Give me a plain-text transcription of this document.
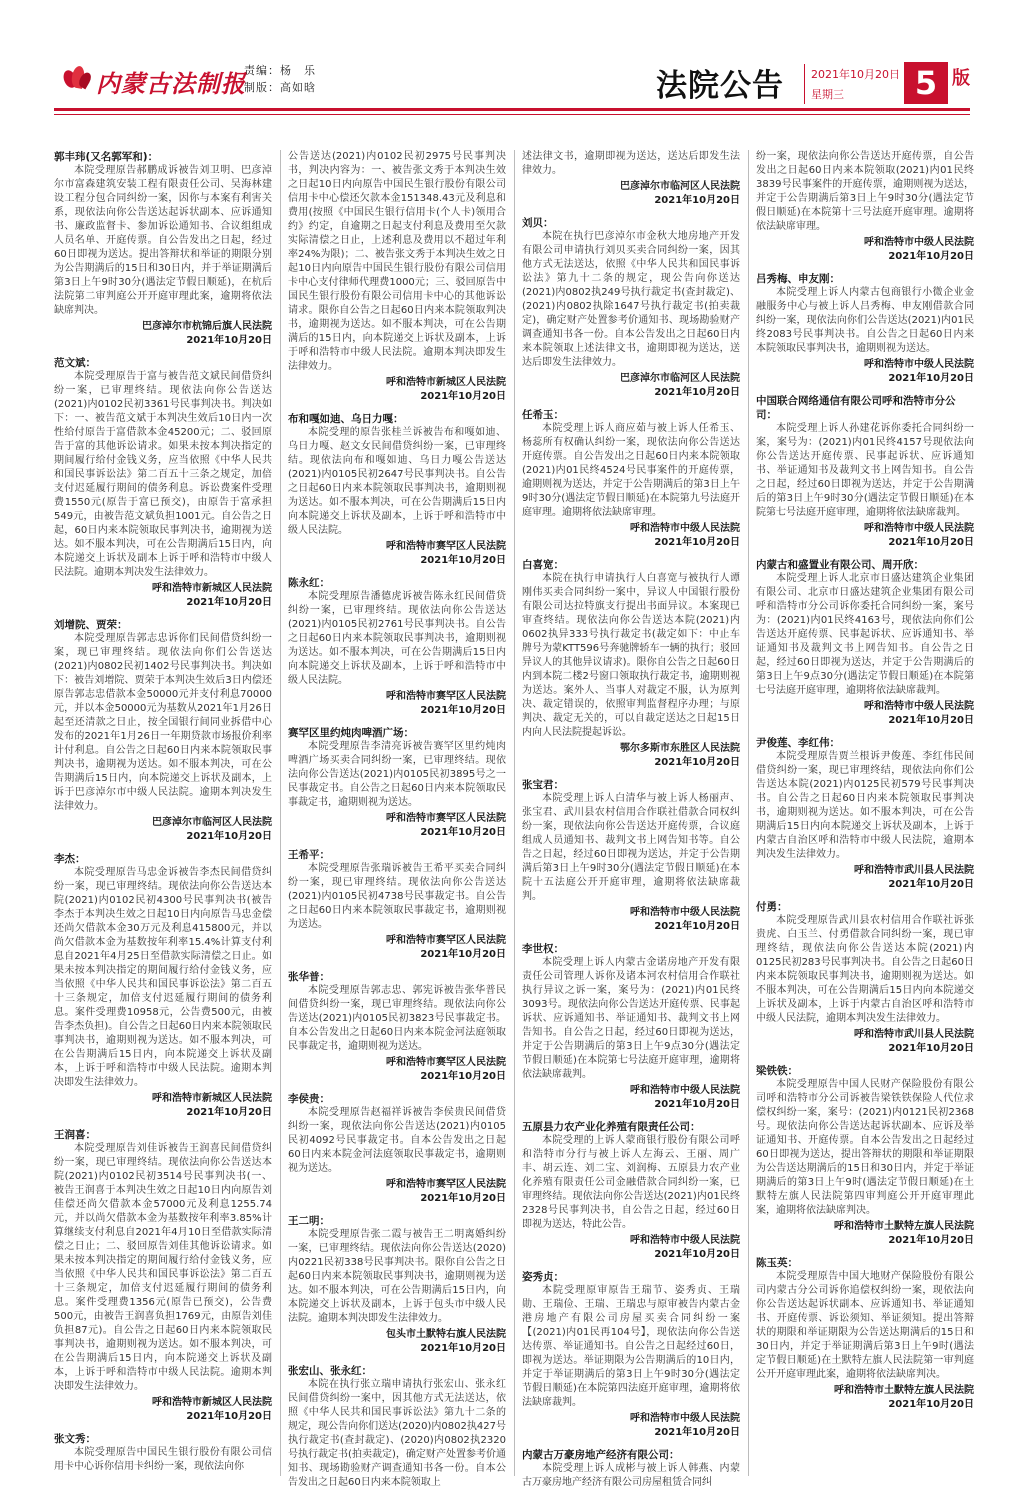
内蒙古法制报
责编：杨　乐
制版：高如晗	法院公告 2021年10月20日
星期三	5 版
郭丰玮(又名郭军和)：
本院受理原告郝鹏成诉被告刘卫明、巴彦淖尔市富森建筑安装工程有限责任公司、吴海林建设工程分包合同纠纷一案，因你与本案有利害关系，现依法向你公告送达起诉状副本、应诉通知书、廉政监督卡、参加诉讼通知书、合议组组成人员名单、开庭传票。自公告发出之日起，经过60日即视为送达。提出答辩状和举证的期限分别为公告期满后的15日和30日内，并于举证期满后第3日上午9时30分(遇法定节假日顺延)，在杭后法院第二审判庭公开开庭审理此案，逾期将依法缺席判决。
巴彦淖尔市杭锦后旗人民法院
2021年10月20日
范文斌：
本院受理原告于富与被告范文斌民间借贷纠纷一案，已审理终结。现依法向你公告送达(2021)内0102民初3361号民事判决书。判决如下：一、被告范文斌于本判决生效后10日内一次性给付原告于富借款本金45200元；二、驳回原告于富的其他诉讼请求。如果未按本判决指定的期间履行给付金钱义务，应当依照《中华人民共和国民事诉讼法》第二百五十三条之规定，加倍支付迟延履行期间的债务利息。诉讼费案件受理费1550元(原告于富已预交)，由原告于富承担549元，由被告范文斌负担1001元。自公告之日起，60日内来本院领取民事判决书，逾期视为送达。如不服本判决，可在公告期满后15日内，向本院递交上诉状及副本上诉于呼和浩特市中级人民法院。逾期本判决发生法律效力。
呼和浩特市新城区人民法院
2021年10月20日
刘增院、贾荣：
本院受理原告郭志忠诉你们民间借贷纠纷一案，现已审理终结。现依法向你们公告送达(2021)内0802民初1402号民事判决书。判决如下：被告刘增院、贾荣于本判决生效后3日内偿还原告郭志忠借款本金50000元并支付利息70000元，并以本金50000元为基数从2021年1月26日起至还清款之日止，按全国银行间同业拆借中心发布的2021年1月26日一年期贷款市场报价利率计付利息。自公告之日起60日内来本院领取民事判决书，逾期视为送达。如不服本判决，可在公告期满后15日内，向本院递交上诉状及副本，上诉于巴彦淖尔市中级人民法院。逾期本判决发生法律效力。
巴彦淖尔市临河区人民法院
2021年10月20日
李杰：
本院受理原告马忠金诉被告李杰民间借贷纠纷一案，现已审理终结。现依法向你公告送达本院(2021)内0102民初4300号民事判决书(被告李杰于本判决生效之日起10日内向原告马忠金偿还尚欠借款本金30万元及利息415800元，并以尚欠借款本金为基数按年利率15.4%计算支付利息自2021年4月25日至借款实际清偿之日止。如果未按本判决指定的期间履行给付金钱义务，应当依照《中华人民共和国民事诉讼法》第二百五十三条规定，加倍支付迟延履行期间的债务利息。案件受理费10958元，公告费500元，由被告李杰负担)。自公告之日起60日内来本院领取民事判决书，逾期则视为送达。如不服本判决，可在公告期满后15日内，向本院递交上诉状及副本，上诉于呼和浩特市中级人民法院。逾期本判决即发生法律效力。
呼和浩特市新城区人民法院
2021年10月20日
王润喜：
本院受理原告刘佳诉被告王润喜民间借贷纠纷一案，现已审理终结。现依法向你公告送达本院(2021)内0102民初3514号民事判决书(一、被告王润喜于本判决生效之日起10日内向原告刘佳偿还尚欠借款本金57000元及利息1255.74元，并以尚欠借款本金为基数按年利率3.85%计算继续支付利息自2021年4月10日至借款实际清偿之日止；二、驳回原告刘佳其他诉讼请求。如果未按本判决指定的期间履行给付金钱义务，应当依照《中华人民共和国民事诉讼法》第二百五十三条规定，加倍支付迟延履行期间的债务利息。案件受理费1356元(原告已预交)，公告费500元，由被告王润喜负担1769元，由原告刘佳负担87元)。自公告之日起60日内来本院领取民事判决书，逾期则视为送达。如不服本判决，可在公告期满后15日内，向本院递交上诉状及副本，上诉于呼和浩特市中级人民法院。逾期本判决即发生法律效力。
呼和浩特市新城区人民法院
2021年10月20日
张文秀：
本院受理原告中国民生银行股份有限公司信用卡中心诉你信用卡纠纷一案，现依法向你
公告送达(2021)内0102民初2975号民事判决书，判决内容为：一、被告张文秀于本判决生效之日起10日内向原告中国民生银行股份有限公司信用卡中心偿还欠款本金151348.43元及利息和费用(按照《中国民生银行信用卡(个人卡)领用合约》约定，自逾期之日起支付利息及费用至欠款实际清偿之日止，上述利息及费用以不超过年利率24%为限)；二、被告张文秀于本判决生效之日起10日内向原告中国民生银行股份有限公司信用卡中心支付律师代理费1000元；三、驳回原告中国民生银行股份有限公司信用卡中心的其他诉讼请求。限你自公告之日起60日内来本院领取判决书，逾期视为送达。如不服本判决，可在公告期满后的15日内，向本院递交上诉状及副本，上诉于呼和浩特市中级人民法院。逾期本判决即发生法律效力。
呼和浩特市新城区人民法院
2021年10月20日
布和嘎如迪、乌日力嘎：
本院受理的原告张桂兰诉被告布和嘎如迪、乌日力嘎、赵文女民间借贷纠纷一案，已审理终结。现依法向布和嘎如迪、乌日力嘎公告送达(2021)内0105民初2647号民事判决书。自公告之日起60日内来本院领取民事判决书，逾期则视为送达。如不服本判决，可在公告期满后15日内向本院递交上诉状及副本，上诉于呼和浩特市中级人民法院。
呼和浩特市赛罕区人民法院
2021年10月20日
陈永红：
本院受理原告潘德虎诉被告陈永红民间借贷纠纷一案，已审理终结。现依法向你公告送达(2021)内0105民初2761号民事判决书。自公告之日起60日内来本院领取民事判决书，逾期则视为送达。如不服本判决，可在公告期满后15日内向本院递交上诉状及副本，上诉于呼和浩特市中级人民法院。
呼和浩特市赛罕区人民法院
2021年10月20日
赛罕区里约炖肉啤酒广场：
本院受理原告李清亮诉被告赛罕区里约炖肉啤酒广场买卖合同纠纷一案，已审理终结。现依法向你公告送达(2021)内0105民初3895号之一民事裁定书。自公告之日起60日内来本院领取民事裁定书，逾期则视为送达。
呼和浩特市赛罕区人民法院
2021年10月20日
王希平：
本院受理原告张瑞诉被告王希平买卖合同纠纷一案，现已审理终结。现依法向你公告送达(2021)内0105民初4738号民事裁定书。自公告之日起60日内来本院领取民事裁定书，逾期则视为送达。
呼和浩特市赛罕区人民法院
2021年10月20日
张华普：
本院受理原告郭志忠、郭宪诉被告张华普民间借贷纠纷一案，现已审理终结。现依法向你公告送达(2021)内0105民初3823号民事裁定书。自本公告发出之日起60日内来本院金河法庭领取民事裁定书，逾期则视为送达。
呼和浩特市赛罕区人民法院
2021年10月20日
李侯贵：
本院受理原告赵福祥诉被告李侯贵民间借贷纠纷一案，现依法向你公告送达(2021)内0105民初4092号民事裁定书。自本公告发出之日起60日内来本院金河法庭领取民事裁定书，逾期则视为送达。
呼和浩特市赛罕区人民法院
2021年10月20日
王二明：
本院受理原告张二霞与被告王二明离婚纠纷一案，已审理终结。现依法向你公告送达(2020)内0221民初338号民事判决书。限你自公告之日起60日内来本院领取民事判决书，逾期则视为送达。如不服本判决，可在公告期满后15日内，向本院递交上诉状及副本，上诉于包头市中级人民法院。逾期本判决即发生法律效力。
包头市土默特右旗人民法院
2021年10月20日
张宏山、张永红：
本院在执行张立瑞申请执行张宏山、张永红民间借贷纠纷一案中，因其他方式无法送达，依照《中华人民共和国民事诉讼法》第九十二条的规定，现公告向你们送达(2020)内0802执427号执行裁定书(查封裁定)、(2020)内0802执2320号执行裁定书(拍卖裁定)，确定财产处置参考价通知书、现场勘验财产调查通知书各一份。自本公告发出之日起60日内来本院领取上
述法律文书，逾期即视为送达，送达后即发生法律效力。
巴彦淖尔市临河区人民法院
2021年10月20日
刘贝：
本院在执行巴彦淖尔市金秋大地房地产开发有限公司申请执行刘贝买卖合同纠纷一案，因其他方式无法送达，依照《中华人民共和国民事诉讼法》第九十二条的规定，现公告向你送达(2021)内0802执249号执行裁定书(查封裁定)、(2021)内0802执除1647号执行裁定书(拍卖裁定)，确定财产处置参考价通知书、现场勘验财产调查通知书各一份。自本公告发出之日起60日内来本院领取上述法律文书，逾期即视为送达，送达后即发生法律效力。
巴彦淖尔市临河区人民法院
2021年10月20日
任希玉：
本院受理上诉人商应茹与被上诉人任希玉、杨蕊所有权确认纠纷一案，现依法向你公告送达开庭传票。自公告发出之日起60日内来本院领取(2021)内01民终4524号民事案件的开庭传票，逾期则视为送达，并定于公告期满后的第3日上午9时30分(遇法定节假日顺延)在本院第九号法庭开庭审理。逾期将依法缺席审理。
呼和浩特市中级人民法院
2021年10月20日
白喜宽：
本院在执行申请执行人白喜宽与被执行人谭刚伟买卖合同纠纷一案中，异议人中国银行股份有限公司达拉特旗支行提出书面异议。本案现已审查终结。现依法向你公告送达本院(2021)内0602执异333号执行裁定书(裁定如下：中止车牌号为蒙KTT596号奔驰牌轿车一辆的执行；驳回异议人的其他异议请求)。限你自公告之日起60日内到本院二楼2号窗口领取执行裁定书，逾期则视为送达。案外人、当事人对裁定不服，认为原判决、裁定错误的，依照审判监督程序办理；与原判决、裁定无关的，可以自裁定送达之日起15日内向人民法院提起诉讼。
鄂尔多斯市东胜区人民法院
2021年10月20日
张宝君：
本院受理上诉人白清华与被上诉人杨丽声、张宝君、武川县农村信用合作联社借款合同权纠纷一案，现依法向你公告送达开庭传票，合议庭组成人员通知书、裁判文书上网告知书等。自公告之日起，经过60日即视为送达，并定于公告期满后第3日上午9时30分(遇法定节假日顺延)在本院十五法庭公开开庭审理，逾期将依法缺席裁判。
呼和浩特市中级人民法院
2021年10月20日
李世权：
本院受理上诉人内蒙古金诺房地产开发有限责任公司管理人诉你及诸本河农村信用合作联社执行异议之诉一案，案号为：(2021)内01民终3093号。现依法向你公告送达开庭传票、民事起诉状、应诉通知书、举证通知书、裁判文书上网告知书。自公告之日起，经过60日即视为送达，并定于公告期满后的第3日上午9点30分(遇法定节假日顺延)在本院第七号法庭开庭审理，逾期将依法缺席裁判。
呼和浩特市中级人民法院
2021年10月20日
五原县力农产业化养殖有限责任公司：
本院受理的上诉人蒙商银行股份有限公司呼和浩特市分行与被上诉人左海云、王丽、周广丰、胡云连、刘二宝、刘润梅、五原县力农产业化养殖有限责任公司金融借款合同纠纷一案，已审理终结。现依法向你公告送达(2021)内01民终2328号民事判决书，自公告之日起，经过60日即视为送达，特此公告。
呼和浩特市中级人民法院
2021年10月20日
姿秀贞：
本院受理原审原告王瑞节、姿秀贞、王瑞勋、王瑞俭、王瑞、王瑞忠与原审被告内蒙古金港房地产有限公司房屋买卖合同纠纷一案【(2021)内01民再104号】，现依法向你公告送达传票、举证通知书。自公告之日起经过60日，即视为送达。举证期限为公告期满后的10日内，并定于举证期满后的第3日上午9时30分(遇法定节假日顺延)在本院第四法庭开庭审理，逾期将依法缺席裁判。
呼和浩特市中级人民法院
2021年10月20日
内蒙古万豪房地产经济有限公司：
本院受理上诉人成彬与被上诉人韩燕、内蒙古万豪房地产经济有限公司房屋租赁合同纠
纷一案，现依法向你公告送达开庭传票，自公告发出之日起60日内来本院领取(2021)内01民终3839号民事案件的开庭传票，逾期则视为送达，并定于公告期满后第3日上午9时30分(遇法定节假日顺延)在本院第十三号法庭开庭审理。逾期将依法缺席审理。
呼和浩特市中级人民法院
2021年10月20日
吕秀梅、申友刚：
本院受理上诉人内蒙古包商银行小微企业金融服务中心与被上诉人吕秀梅、申友刚借款合同纠纷一案，现依法向你们公告送达(2021)内01民终2083号民事判决书。自公告之日起60日内来本院领取民事判决书，逾期则视为送达。
呼和浩特市中级人民法院
2021年10月20日
中国联合网络通信有限公司呼和浩特市分公司：
本院受理上诉人孙建花诉你委托合同纠纷一案，案号为：(2021)内01民终4157号现依法向你公告送达开庭传票、民事起诉状、应诉通知书、举证通知书及裁判文书上网告知书。自公告之日起，经过60日即视为送达，并定于公告期满后的第3日上午9时30分(遇法定节假日顺延)在本院第七号法庭开庭审理，逾期将依法缺席裁判。
呼和浩特市中级人民法院
2021年10月20日
内蒙古和盛置业有限公司、周开欣：
本院受理上诉人北京市日盛达建筑企业集团有限公司、北京市日盛达建筑企业集团有限公司呼和浩特市分公司诉你委托合同纠纷一案，案号为：(2021)内01民终4163号，现依法向你们公告送达开庭传票、民事起诉状、应诉通知书、举证通知书及裁判文书上网告知书。自公告之日起，经过60日即视为送达，并定于公告期满后的第3日上午9点30分(遇法定节假日顺延)在本院第七号法庭开庭审理，逾期将依法缺席裁判。
呼和浩特市中级人民法院
2021年10月20日
尹俊莲、李红伟：
本院受理原告贾兰根诉尹俊莲、李红伟民间借贷纠纷一案，现已审理终结，现依法向你们公告送达本院(2021)内0125民初579号民事判决书。自公告之日起60日内来本院领取民事判决书，逾期则视为送达。如不服本判决，可在公告期满后15日内向本院递交上诉状及副本，上诉于内蒙古自治区呼和浩特市中级人民法院，逾期本判决发生法律效力。
呼和浩特市武川县人民法院
2021年10月20日
付勇：
本院受理原告武川县农村信用合作联社诉张贵虎、白玉兰、付勇借款合同纠纷一案，现已审理终结，现依法向你公告送达本院(2021)内0125民初283号民事判决书。自公告之日起60日内来本院领取民事判决书，逾期则视为送达。如不服本判决，可在公告期满后15日内向本院递交上诉状及副本，上诉于内蒙古自治区呼和浩特市中级人民法院，逾期本判决发生法律效力。
呼和浩特市武川县人民法院
2021年10月20日
梁铁铁：
本院受理原告中国人民财产保险股份有限公司呼和浩特市分公司诉被告梁铁铁保险人代位求偿权纠纷一案，案号：(2021)内0121民初2368号。现依法向你公告送达起诉状副本、应诉及举证通知书、开庭传票。自本公告发出之日起经过60日即视为送达，提出答辩状的期限和举证期限为公告送达期满后的15日和30日内，并定于举证期满后的第3日上午9时(遇法定节假日顺延)在土默特左旗人民法院第四审判庭公开开庭审理此案，逾期将依法缺席判决。
呼和浩特市土默特左旗人民法院
2021年10月20日
陈玉英：
本院受理原告中国大地财产保险股份有限公司内蒙古分公司诉你追偿权纠纷一案，现依法向你公告送达起诉状副本、应诉通知书、举证通知书、开庭传票、诉讼须知、举证须知。提出答辩状的期限和举证期限为公告送达期满后的15日和30日内，并定于举证期满后第3日上午9时(遇法定节假日顺延)在土默特左旗人民法院第一审判庭公开开庭审理此案，逾期将依法缺席判决。
呼和浩特市土默特左旗人民法院
2021年10月20日
